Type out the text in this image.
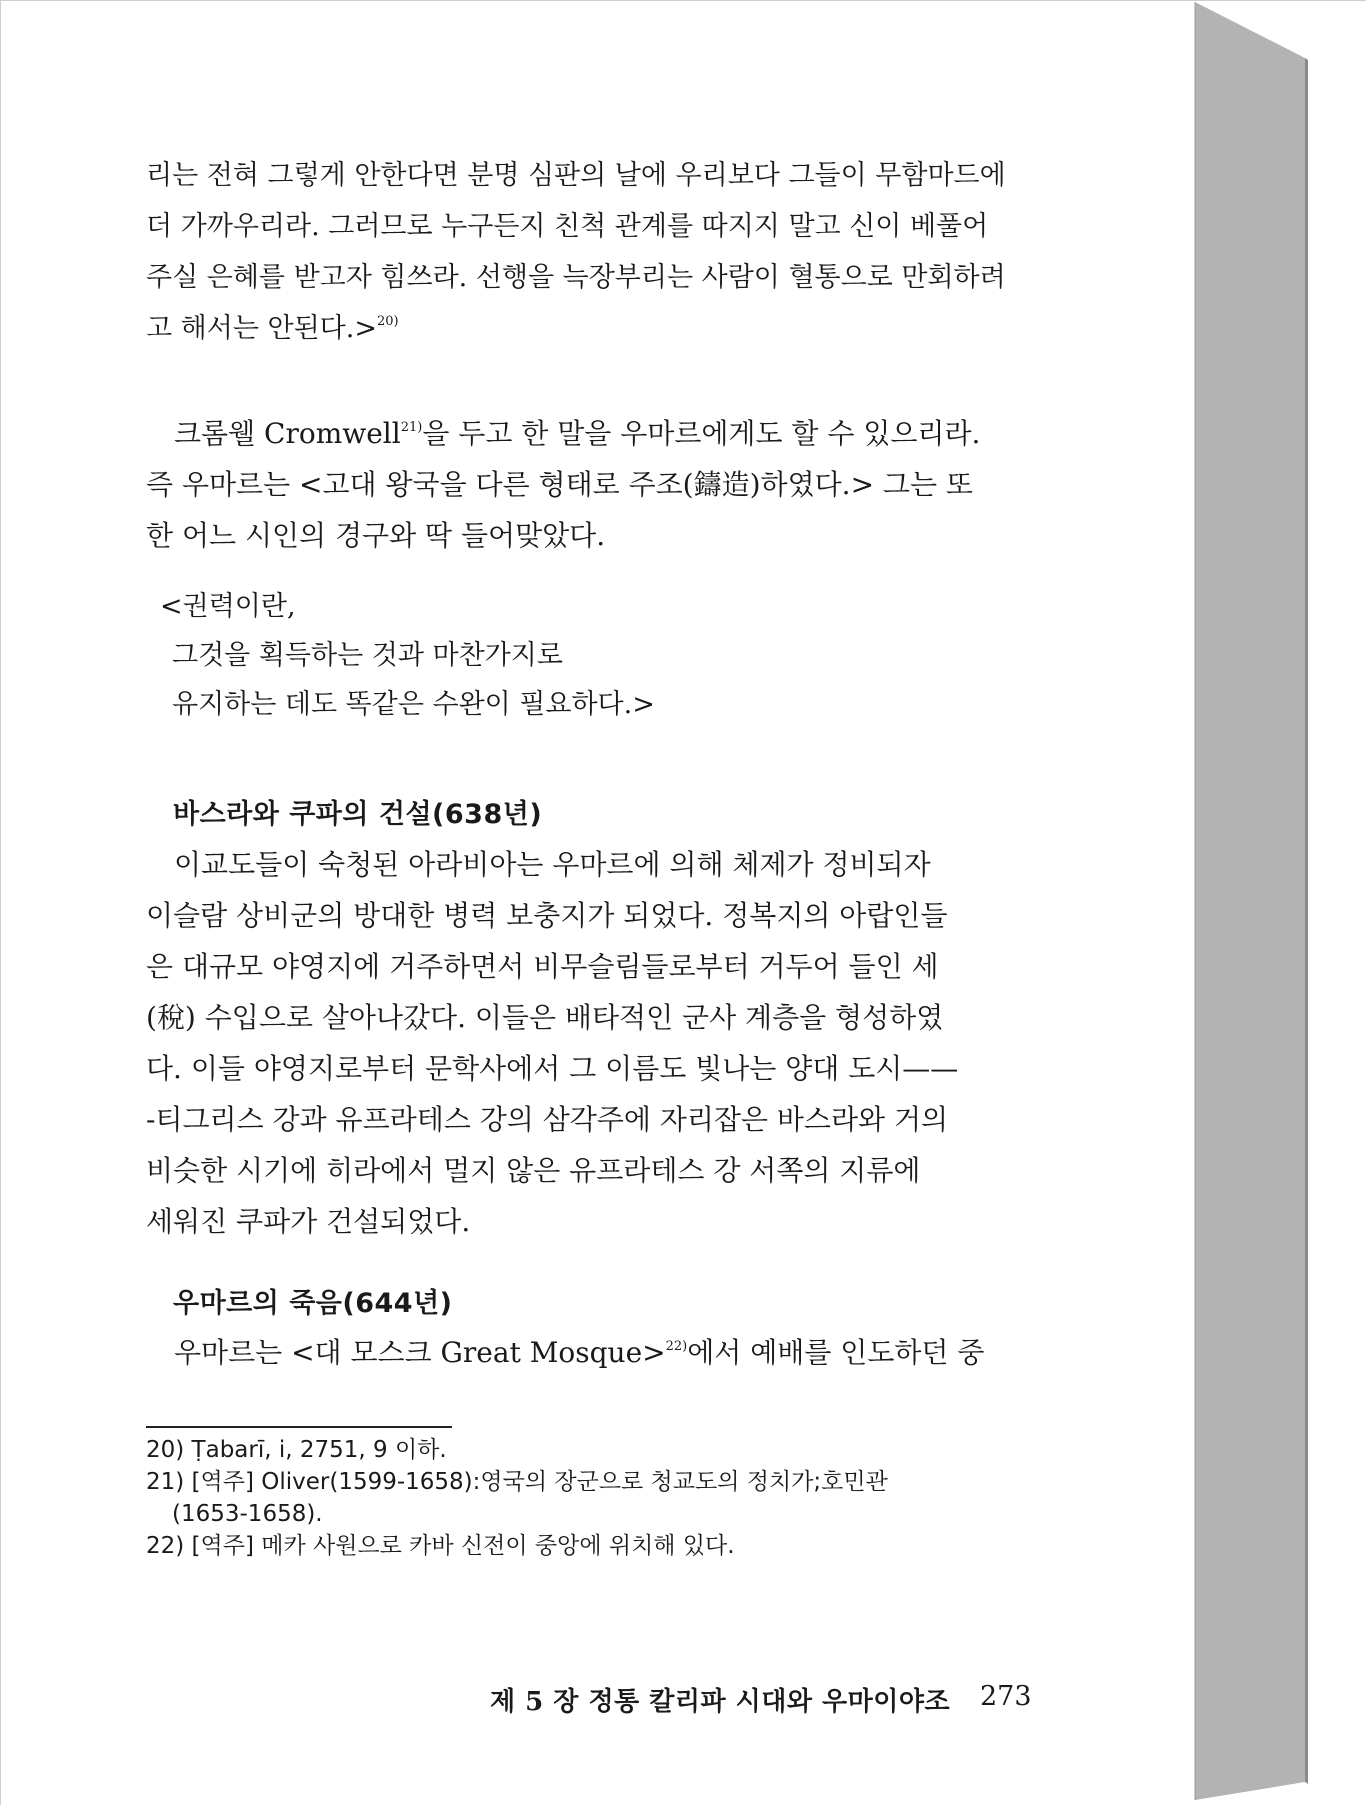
리는 전혀 그렇게 안한다면 분명 심판의 날에 우리보다 그들이 무함마드에
더 가까우리라. 그러므로 누구든지 친척 관계를 따지지 말고 신이 베풀어
주실 은혜를 받고자 힘쓰라. 선행을 늑장부리는 사람이 혈통으로 만회하려
고 해서는 안된다.>$^{20)}$

크롬웰 Cromwell$^{21)}$을 두고 한 말을 우마르에게도 할 수 있으리라.
즉 우마르는 <고대 왕국을 다른 형태로 주조(鑄造)하였다.> 그는 또
한 어느 시인의 경구와 딱 들어맞았다.

<권력이란,
그것을 획득하는 것과 마찬가지로
유지하는 데도 똑같은 수완이 필요하다.>

바스라와 쿠파의 건설(638년)

이교도들이 숙청된 아라비아는 우마르에 의해 체제가 정비되자
이슬람 상비군의 방대한 병력 보충지가 되었다. 정복지의 아랍인들
은 대규모 야영지에 거주하면서 비무슬림들로부터 거두어 들인 세
(稅) 수입으로 살아나갔다. 이들은 배타적인 군사 계층을 형성하였
다. 이들 야영지로부터 문학사에서 그 이름도 빛나는 양대 도시——
-티그리스 강과 유프라테스 강의 삼각주에 자리잡은 바스라와 거의
비슷한 시기에 히라에서 멀지 않은 유프라테스 강 서쪽의 지류에
세워진 쿠파가 건설되었다.

우마르의 죽음(644년)

우마르는 <대 모스크 Great Mosque>$^{22)}$에서 예배를 인도하던 중

20) Ṭabarī, i, 2751, 9 이하.

21) [역주] Oliver(1599-1658):영국의 장군으로 청교도의 정치가;호민관

(1653-1658).

22) [역주] 메카 사원으로 카바 신전이 중앙에 위치해 있다.

제 5 장 정통 칼리파 시대와 우마이야조 273
